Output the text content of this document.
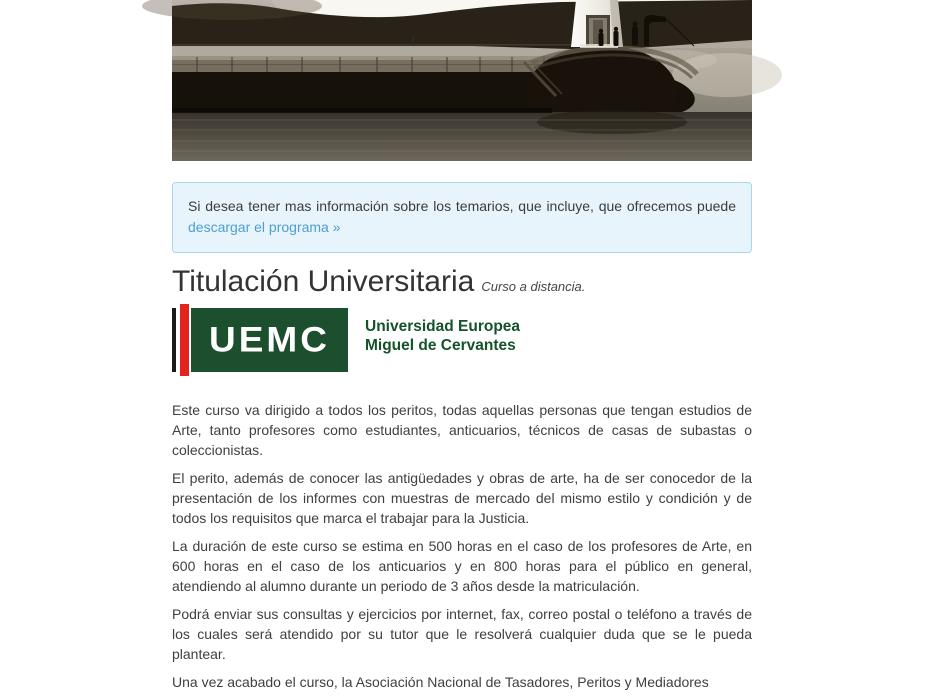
Si desea tener mas información sobre los temarios, que incluye, que ofrecemos puede descargar el programa »
Titulación Universitaria Curso a distancia.
UEMC Universidad Europea
Miguel de Cervantes

Este curso va dirigido a todos los peritos, todas aquellas personas que tengan estudios de Arte, tanto profesores como estudiantes, anticuarios, técnicos de casas de subastas o coleccionistas.

El perito, además de conocer las antigüedades y obras de arte, ha de ser conocedor de la presentación de los informes con muestras de mercado del mismo estilo y condición y de todos los requisitos que marca el trabajar para la Justicia.

La duración de este curso se estima en 500 horas en el caso de los profesores de Arte, en 600 horas en el caso de los anticuarios y en 800 horas para el público en general, atendiendo al alumno durante un periodo de 3 años desde la matriculación.

Podrá enviar sus consultas y ejercicios por internet, fax, correo postal o teléfono a través de los cuales será atendido por su tutor que le resolverá cualquier duda que se le pueda plantear.

Una vez acabado el curso, la Asociación Nacional de Tasadores, Peritos y Mediadores
